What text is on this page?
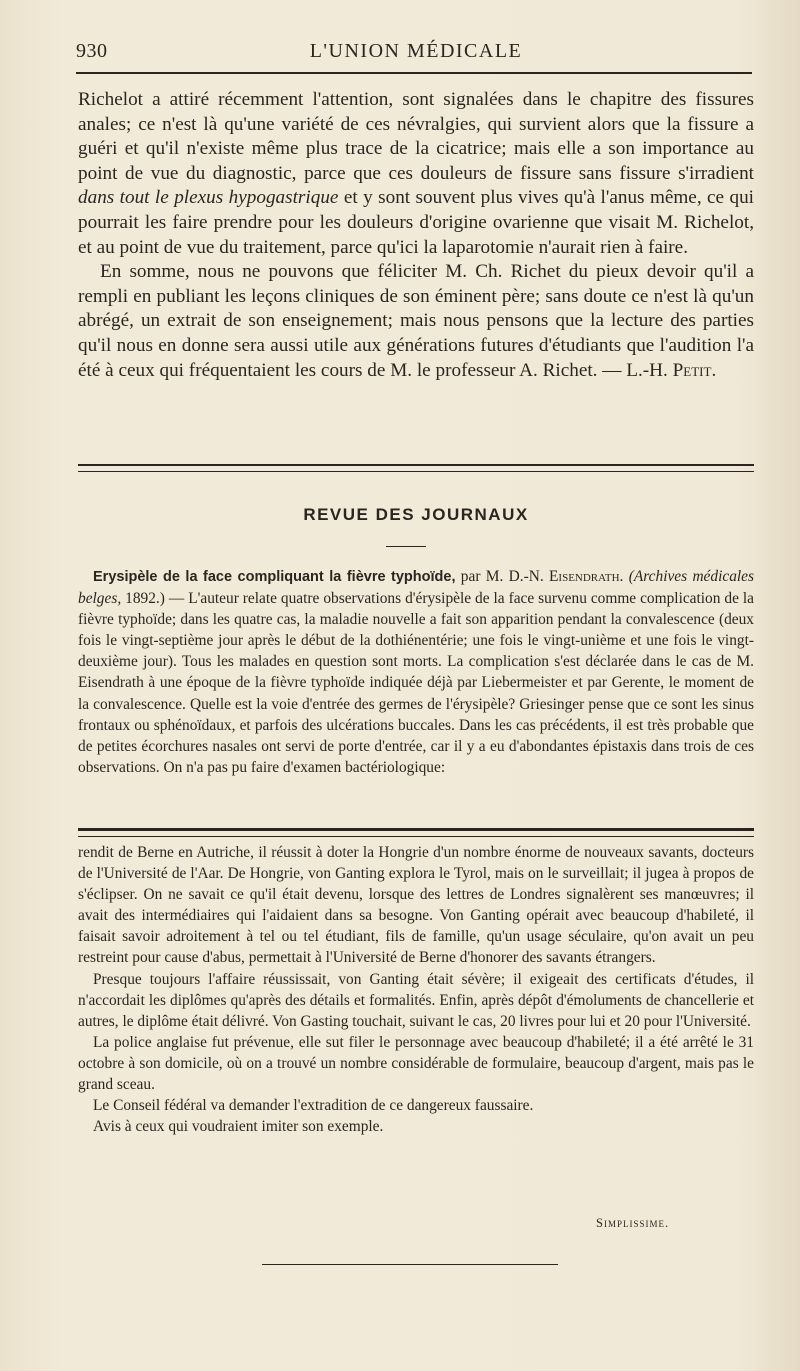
930	L'UNION MÉDICALE

Richelot a attiré récemment l'attention, sont signalées dans le chapitre des fissures anales; ce n'est là qu'une variété de ces névralgies, qui survient alors que la fissure a guéri et qu'il n'existe même plus trace de la cicatrice; mais elle a son importance au point de vue du diagnostic, parce que ces douleurs de fissure sans fissure s'irradient dans tout le plexus hypogastrique et y sont souvent plus vives qu'à l'anus même, ce qui pourrait les faire prendre pour les douleurs d'origine ovarienne que visait M. Richelot, et au point de vue du traitement, parce qu'ici la laparotomie n'aurait rien à faire.

En somme, nous ne pouvons que féliciter M. Ch. Richet du pieux devoir qu'il a rempli en publiant les leçons cliniques de son éminent père; sans doute ce n'est là qu'un abrégé, un extrait de son enseignement; mais nous pensons que la lecture des parties qu'il nous en donne sera aussi utile aux générations futures d'étudiants que l'audition l'a été à ceux qui fréquentaient les cours de M. le professeur A. Richet. — L.-H. Petit.

REVUE DES JOURNAUX

Erysipèle de la face compliquant la fièvre typhoïde, par M. D.-N. Eisendrath. (Archives médicales belges, 1892.) — L'auteur relate quatre observations d'érysipèle de la face survenu comme complication de la fièvre typhoïde; dans les quatre cas, la maladie nouvelle a fait son apparition pendant la convalescence (deux fois le vingt-septième jour après le début de la dothiénentérie; une fois le vingt-unième et une fois le vingt-deuxième jour). Tous les malades en question sont morts. La complication s'est déclarée dans le cas de M. Eisendrath à une époque de la fièvre typhoïde indiquée déjà par Liebermeister et par Gerente, le moment de la convalescence. Quelle est la voie d'entrée des germes de l'érysipèle? Griesinger pense que ce sont les sinus frontaux ou sphénoïdaux, et parfois des ulcérations buccales. Dans les cas précédents, il est très probable que de petites écorchures nasales ont servi de porte d'entrée, car il y a eu d'abondantes épistaxis dans trois de ces observations. On n'a pas pu faire d'examen bactériologique:

rendit de Berne en Autriche, il réussit à doter la Hongrie d'un nombre énorme de nouveaux savants, docteurs de l'Université de l'Aar. De Hongrie, von Ganting explora le Tyrol, mais on le surveillait; il jugea à propos de s'éclipser. On ne savait ce qu'il était devenu, lorsque des lettres de Londres signalèrent ses manœuvres; il avait des intermédiaires qui l'aidaient dans sa besogne. Von Ganting opérait avec beaucoup d'habileté, il faisait savoir adroitement à tel ou tel étudiant, fils de famille, qu'un usage séculaire, qu'on avait un peu restreint pour cause d'abus, permettait à l'Université de Berne d'honorer des savants étrangers.

Presque toujours l'affaire réussissait, von Ganting était sévère; il exigeait des certificats d'études, il n'accordait les diplômes qu'après des détails et formalités. Enfin, après dépôt d'émoluments de chancellerie et autres, le diplôme était délivré. Von Gasting touchait, suivant le cas, 20 livres pour lui et 20 pour l'Université.

La police anglaise fut prévenue, elle sut filer le personnage avec beaucoup d'habileté; il a été arrêté le 31 octobre à son domicile, où on a trouvé un nombre considérable de formulaire, beaucoup d'argent, mais pas le grand sceau.

Le Conseil fédéral va demander l'extradition de ce dangereux faussaire.

Avis à ceux qui voudraient imiter son exemple.

Simplissime.
